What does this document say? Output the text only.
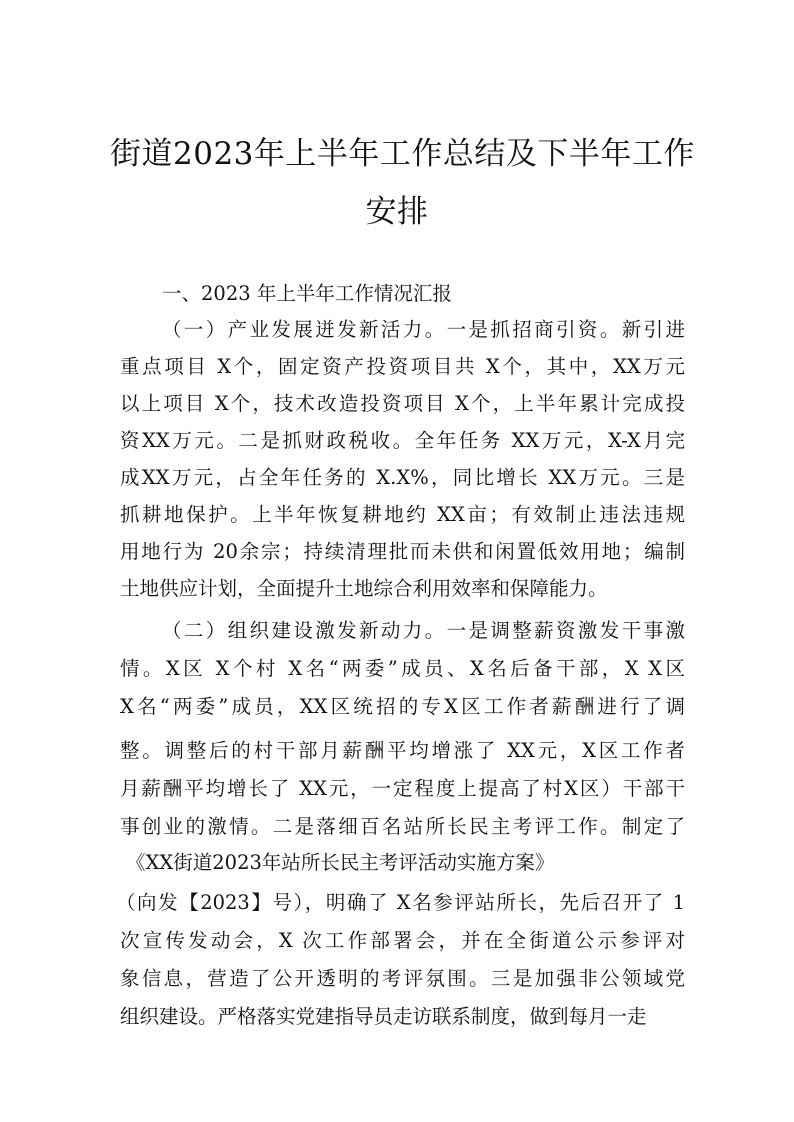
街道2023年上半年工作总结及下半年工作
安排

一、2023 年上半年工作情况汇报

（一）产业发展迸发新活力。一是抓招商引资。新引进

重点项目 X个，固定资产投资项目共 X个，其中，XX万元

以上项目 X个，技术改造投资项目 X个，上半年累计完成投

资XX万元。二是抓财政税收。全年任务 XX万元，X-X月完

成XX万元，占全年任务的 X.X%，同比增长 XX万元。三是

抓耕地保护。上半年恢复耕地约 XX亩；有效制止违法违规

用地行为 20余宗；持续清理批而未供和闲置低效用地；编制

土地供应计划，全面提升土地综合利用效率和保障能力。

（二）组织建设激发新动力。一是调整薪资激发干事激

情。X区 X个村 X名“两委”成员、X名后备干部，X X区

X名“两委”成员，XX区统招的专X区工作者薪酬进行了调

整。调整后的村干部月薪酬平均增涨了 XX元，X区工作者

月薪酬平均增长了 XX元，一定程度上提高了村X区）干部干

事创业的激情。二是落细百名站所长民主考评工作。制定了

《XX街道2023年站所长民主考评活动实施方案》

（向发【2023】号），明确了 X名参评站所长，先后召开了 1

次宣传发动会，X 次工作部署会，并在全街道公示参评对

象信息，营造了公开透明的考评氛围。三是加强非公领域党

组织建设。严格落实党建指导员走访联系制度，做到每月一走
